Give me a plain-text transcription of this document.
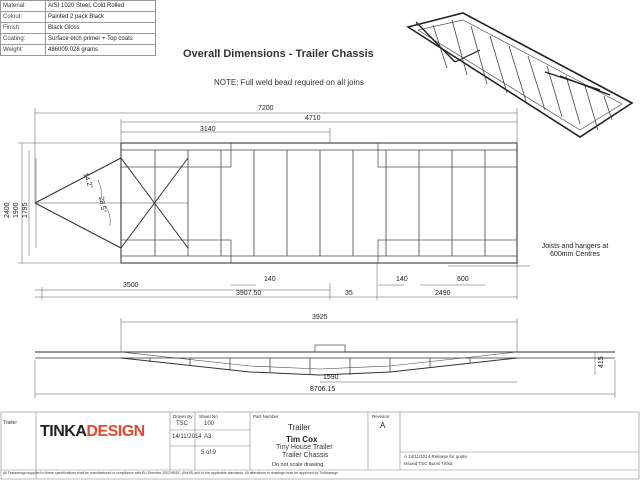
Material:	AISI 1020 Steel, Cold Rolled
Colour:	Painted 2 pack Black
Finish:	Black Gloss
Coating:	Surface etch primer + Top coats
Weight:	486009.028 grams	Overall Dimensions - Trailer Chassis
NOTE: Full weld bead required on all joins
7200
4710
3140
2400 1900 1795
14.2°
28.5°
140	140	600
3500
3907.50	35	2490
Joists and hangers at
600mm Centres
3925
415
1590
8706.15
Trailer TINKADESIGN
Drawn By
TSC
14/11/2014
Sheet No
100
A3
5 of 9
Part Number
Trailer
Tim Cox
Tiny House Trailer
Trailer Chassis
Do not scale drawing.
Revision
A
A 14/11/2014 Release for quote
Issued TSC Bunni Tinka
All Tinkadesign supplied to these specifications shall be manufactured in compliance with EU Directive 2002/95/EC (RoHS) and to the applicable standards. All alterations to drawings must be approved by Tinkadesign.
